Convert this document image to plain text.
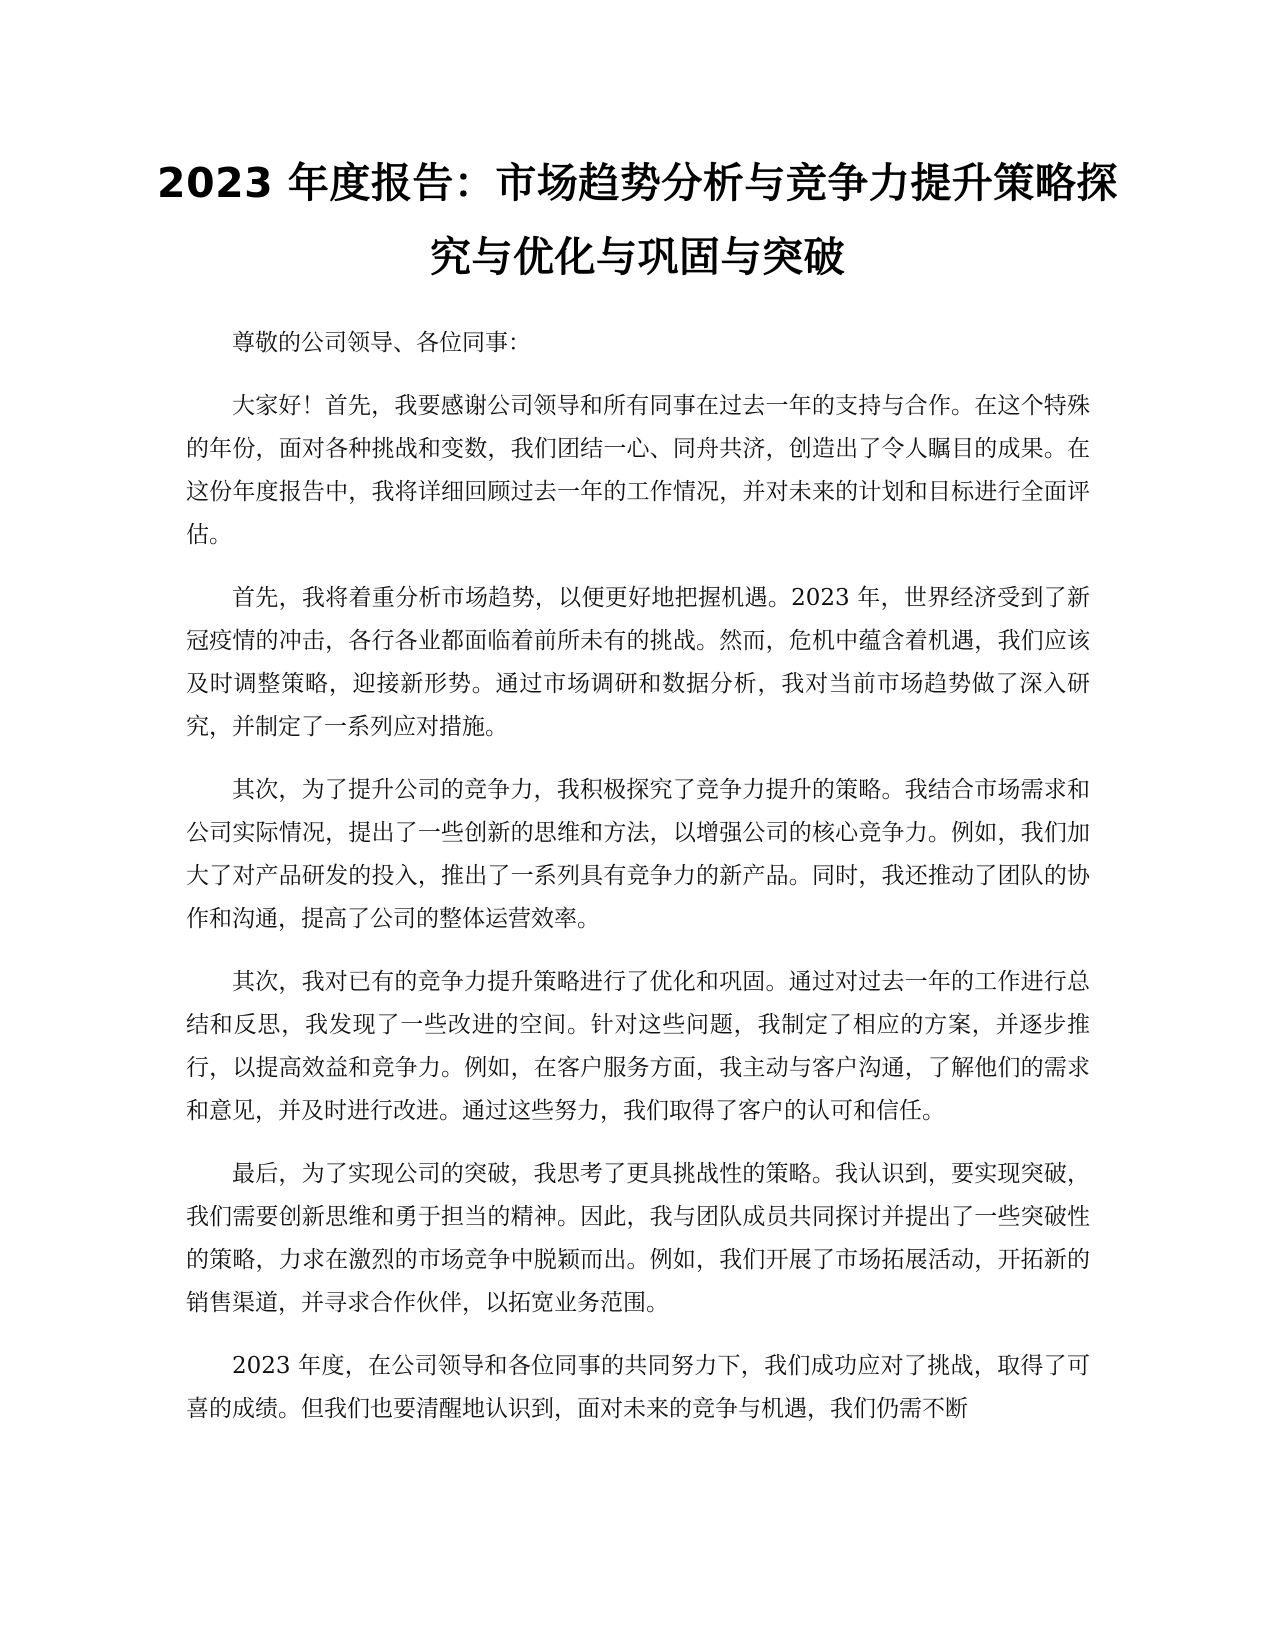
2023 年度报告：市场趋势分析与竞争力提升策略探究与优化与巩固与突破

尊敬的公司领导、各位同事：

大家好！首先，我要感谢公司领导和所有同事在过去一年的支持与合作。在这个特殊的年份，面对各种挑战和变数，我们团结一心、同舟共济，创造出了令人瞩目的成果。在这份年度报告中，我将详细回顾过去一年的工作情况，并对未来的计划和目标进行全面评估。

首先，我将着重分析市场趋势，以便更好地把握机遇。2023 年，世界经济受到了新冠疫情的冲击，各行各业都面临着前所未有的挑战。然而，危机中蕴含着机遇，我们应该及时调整策略，迎接新形势。通过市场调研和数据分析，我对当前市场趋势做了深入研究，并制定了一系列应对措施。

其次，为了提升公司的竞争力，我积极探究了竞争力提升的策略。我结合市场需求和公司实际情况，提出了一些创新的思维和方法，以增强公司的核心竞争力。例如，我们加大了对产品研发的投入，推出了一系列具有竞争力的新产品。同时，我还推动了团队的协作和沟通，提高了公司的整体运营效率。

其次，我对已有的竞争力提升策略进行了优化和巩固。通过对过去一年的工作进行总结和反思，我发现了一些改进的空间。针对这些问题，我制定了相应的方案，并逐步推行，以提高效益和竞争力。例如，在客户服务方面，我主动与客户沟通，了解他们的需求和意见，并及时进行改进。通过这些努力，我们取得了客户的认可和信任。

最后，为了实现公司的突破，我思考了更具挑战性的策略。我认识到，要实现突破，我们需要创新思维和勇于担当的精神。因此，我与团队成员共同探讨并提出了一些突破性的策略，力求在激烈的市场竞争中脱颖而出。例如，我们开展了市场拓展活动，开拓新的销售渠道，并寻求合作伙伴，以拓宽业务范围。

2023 年度，在公司领导和各位同事的共同努力下，我们成功应对了挑战，取得了可喜的成绩。但我们也要清醒地认识到，面对未来的竞争与机遇，我们仍需不断
